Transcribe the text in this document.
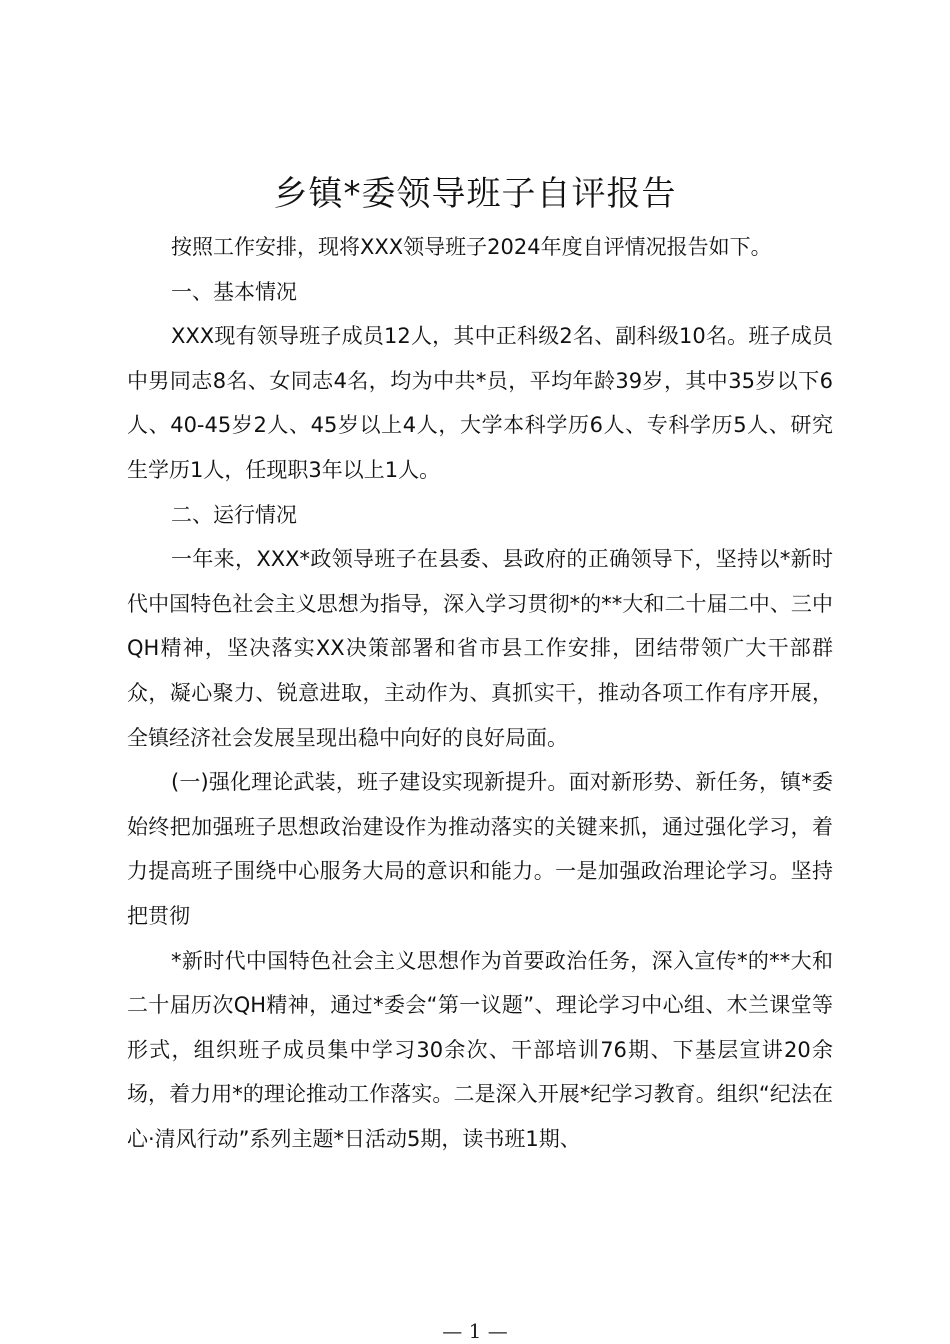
乡镇*委领导班子自评报告

按照工作安排，现将XXX领导班子2024年度自评情况报告如下。

一、基本情况

XXX现有领导班子成员12人，其中正科级2名、副科级10名。班子成员中男同志8名、女同志4名，均为中共*员，平均年龄39岁，其中35岁以下6人、40-45岁2人、45岁以上4人，大学本科学历6人、专科学历5人、研究生学历1人，任现职3年以上1人。

二、运行情况

一年来，XXX*政领导班子在县委、县政府的正确领导下，坚持以*新时代中国特色社会主义思想为指导，深入学习贯彻*的**大和二十届二中、三中QH精神，坚决落实XX决策部署和省市县工作安排，团结带领广大干部群众，凝心聚力、锐意进取，主动作为、真抓实干，推动各项工作有序开展，全镇经济社会发展呈现出稳中向好的良好局面。

(一)强化理论武装，班子建设实现新提升。面对新形势、新任务，镇*委始终把加强班子思想政治建设作为推动落实的关键来抓，通过强化学习，着力提高班子围绕中心服务大局的意识和能力。一是加强政治理论学习。坚持把贯彻

*新时代中国特色社会主义思想作为首要政治任务，深入宣传*的**大和二十届历次QH精神，通过*委会“第一议题”、理论学习中心组、木兰课堂等形式，组织班子成员集中学习30余次、干部培训76期、下基层宣讲20余场，着力用*的理论推动工作落实。二是深入开展*纪学习教育。组织“纪法在心·清风行动”系列主题*日活动5期，读书班1期、

— 1 —
